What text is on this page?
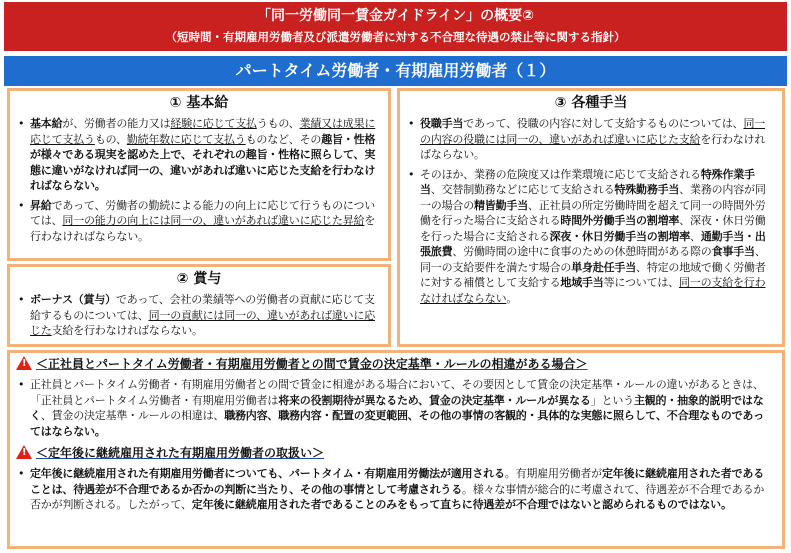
「同一労働同一賃金ガイドライン」の概要②
（短時間・有期雇用労働者及び派遣労働者に対する不合理な待遇の禁止等に関する指針）
パートタイム労働者・有期雇用労働者（１）
① 基本給
• 基本給が、労働者の能力又は経験に応じて支払うもの、業績又は成果に応じて支払うもの、勤続年数に応じて支払うものなど、その趣旨・性格が様々である現実を認めた上で、それぞれの趣旨・性格に照らして、実態に違いがなければ同一の、違いがあれば違いに応じた支給を行わなければならない。
• 昇給であって、労働者の勤続による能力の向上に応じて行うものについては、同一の能力の向上には同一の、違いがあれば違いに応じた昇給を行わなければならない。
② 賞与
• ボーナス（賞与）であって、会社の業績等への労働者の貢献に応じて支給するものについては、同一の貢献には同一の、違いがあれば違いに応じた支給を行わなければならない。
③ 各種手当
• 役職手当であって、役職の内容に対して支給するものについては、同一の内容の役職には同一の、違いがあれば違いに応じた支給を行わなければならない。
• そのほか、業務の危険度又は作業環境に応じて支給される特殊作業手当、交替制勤務などに応じて支給される特殊勤務手当、業務の内容が同一の場合の精皆勤手当、正社員の所定労働時間を超えて同一の時間外労働を行った場合に支給される時間外労働手当の割増率、深夜・休日労働を行った場合に支給される深夜・休日労働手当の割増率、通勤手当・出張旅費、労働時間の途中に食事のための休憩時間がある際の食事手当、同一の支給要件を満たす場合の単身赴任手当、特定の地域で働く労働者に対する補償として支給する地域手当等については、同一の支給を行わなければならない。
!
＜正社員とパートタイム労働者・有期雇用労働者との間で賃金の決定基準・ルールの相違がある場合＞
• 正社員とパートタイム労働者・有期雇用労働者との間で賃金に相違がある場合において、その要因として賃金の決定基準・ルールの違いがあるときは、「正社員とパートタイム労働者・有期雇用労働者は将来の役割期待が異なるため、賃金の決定基準・ルールが異なる」という主観的・抽象的説明ではなく、賃金の決定基準・ルールの相違は、職務内容、職務内容・配置の変更範囲、その他の事情の客観的・具体的な実態に照らして、不合理なものであってはならない。
!
＜定年後に継続雇用された有期雇用労働者の取扱い＞
• 定年後に継続雇用された有期雇用労働者についても、パートタイム・有期雇用労働法が適用される。有期雇用労働者が定年後に継続雇用された者であることは、待遇差が不合理であるか否かの判断に当たり、その他の事情として考慮されうる。様々な事情が総合的に考慮されて、待遇差が不合理であるか否かが判断される。したがって、定年後に継続雇用された者であることのみをもって直ちに待遇差が不合理ではないと認められるものではない。
